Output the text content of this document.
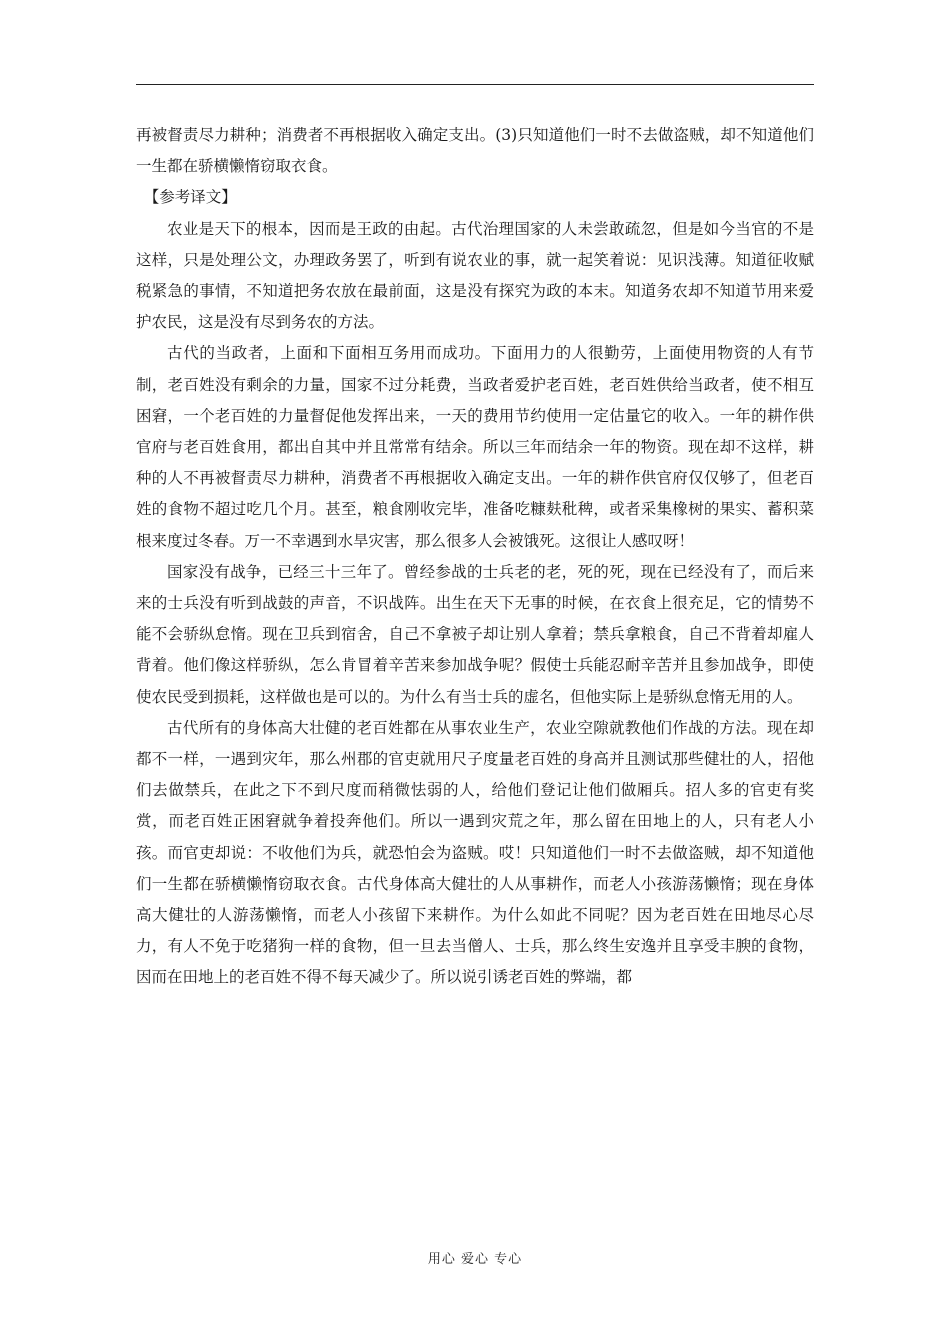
再被督责尽力耕种；消费者不再根据收入确定支出。(3)只知道他们一时不去做盗贼，却不知道他们一生都在骄横懒惰窃取衣食。

【参考译文】

农业是天下的根本，因而是王政的由起。古代治理国家的人未尝敢疏忽，但是如今当官的不是这样，只是处理公文，办理政务罢了，听到有说农业的事，就一起笑着说：见识浅薄。知道征收赋税紧急的事情，不知道把务农放在最前面，这是没有探究为政的本末。知道务农却不知道节用来爱护农民，这是没有尽到务农的方法。

古代的当政者，上面和下面相互务用而成功。下面用力的人很勤劳，上面使用物资的人有节制，老百姓没有剩余的力量，国家不过分耗费，当政者爱护老百姓，老百姓供给当政者，使不相互困窘，一个老百姓的力量督促他发挥出来，一天的费用节约使用一定估量它的收入。一年的耕作供官府与老百姓食用，都出自其中并且常常有结余。所以三年而结余一年的物资。现在却不这样，耕种的人不再被督责尽力耕种，消费者不再根据收入确定支出。一年的耕作供官府仅仅够了，但老百姓的食物不超过吃几个月。甚至，粮食刚收完毕，准备吃糠麸秕稗，或者采集橡树的果实、蓄积菜根来度过冬春。万一不幸遇到水旱灾害，那么很多人会被饿死。这很让人感叹呀！

国家没有战争，已经三十三年了。曾经参战的士兵老的老，死的死，现在已经没有了，而后来来的士兵没有听到战鼓的声音，不识战阵。出生在天下无事的时候，在衣食上很充足，它的情势不能不会骄纵怠惰。现在卫兵到宿舍，自己不拿被子却让别人拿着；禁兵拿粮食，自己不背着却雇人背着。他们像这样骄纵，怎么肯冒着辛苦来参加战争呢？假使士兵能忍耐辛苦并且参加战争，即使使农民受到损耗，这样做也是可以的。为什么有当士兵的虚名，但他实际上是骄纵怠惰无用的人。

古代所有的身体高大壮健的老百姓都在从事农业生产，农业空隙就教他们作战的方法。现在却都不一样，一遇到灾年，那么州郡的官吏就用尺子度量老百姓的身高并且测试那些健壮的人，招他们去做禁兵，在此之下不到尺度而稍微怯弱的人，给他们登记让他们做厢兵。招人多的官吏有奖赏，而老百姓正困窘就争着投奔他们。所以一遇到灾荒之年，那么留在田地上的人，只有老人小孩。而官吏却说：不收他们为兵，就恐怕会为盗贼。哎！只知道他们一时不去做盗贼，却不知道他们一生都在骄横懒惰窃取衣食。古代身体高大健壮的人从事耕作，而老人小孩游荡懒惰；现在身体高大健壮的人游荡懒惰，而老人小孩留下来耕作。为什么如此不同呢？因为老百姓在田地尽心尽力，有人不免于吃猪狗一样的食物，但一旦去当僧人、士兵，那么终生安逸并且享受丰腴的食物，因而在田地上的老百姓不得不每天减少了。所以说引诱老百姓的弊端，都

用心 爱心 专心
